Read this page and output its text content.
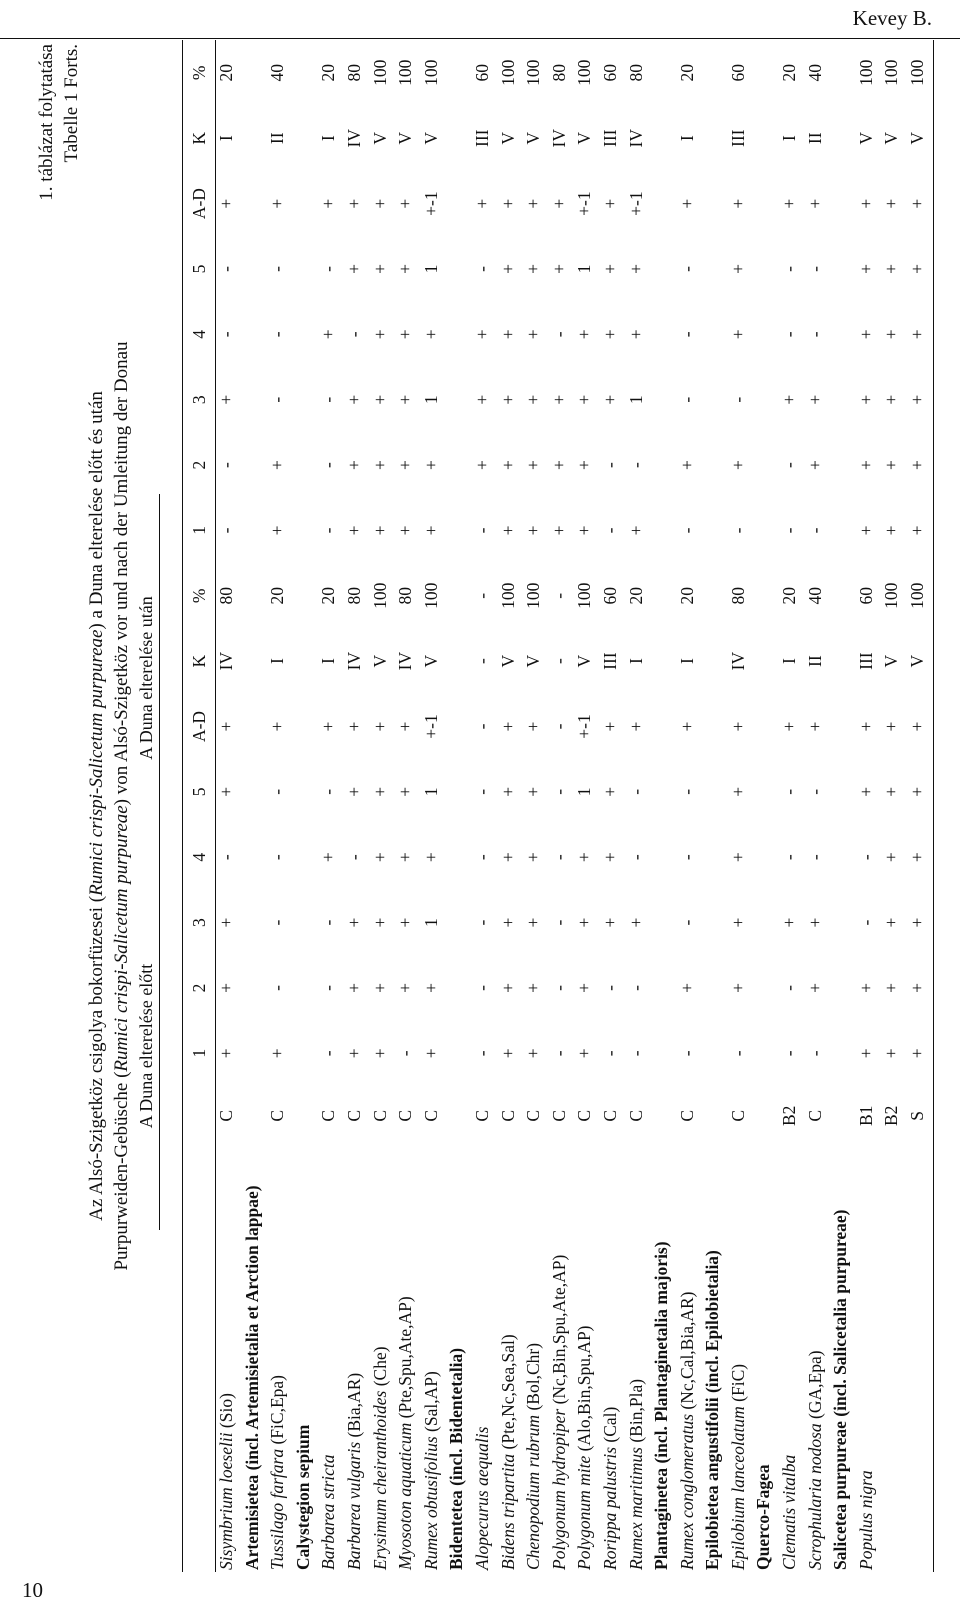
Kevey B.
10
1. táblázat folytatása Tabelle 1 Forts.
Az Alsó-Szigetköz csigolya bokorfüzesei (Rumici crispi-Salicetum purpureae) a Duna elterelése előtt és után
Purpurweiden-Gebüsche (Rumici crispi-Salicetum purpureae) von Alsó-Szigetköz vor und nach der Umleitung der Donau
A Duna elterelése előtt
A Duna elterelése után
		1	2	3	4	5	A-D	K	%	1	2	3	4	5	A-D	K	%
Sisymbrium loeselii (Sio)	C	+	+	+	-	+	+	IV	80	-	-	+	-	-	+	I	20
Artemisietea (incl. Artemisietalia et Arction lappae)																	
Tussilago farfara (FiC,Epa)	C	+	-	-	-	-	+	I	20	+	+	-	-	-	+	II	40
Calystegion sepium																	
Barbarea stricta	C	-	-	-	+	-	+	I	20	-	-	-	+	-	+	I	20
Barbarea vulgaris (Bia,AR)	C	+	+	+	-	+	+	IV	80	+	+	+	-	+	+	IV	80
Erysimum cheiranthoides (Che)	C	+	+	+	+	+	+	V	100	+	+	+	+	+	+	V	100
Myosoton aquaticum (Pte,Spu,Ate,AP)	C	-	+	+	+	+	+	IV	80	+	+	+	+	+	+	V	100
Rumex obtusifolius (Sal,AP)	C	+	+	1	+	1	+-1	V	100	+	+	1	+	1	+-1	V	100
Bidentetea (incl. Bidentetalia)																	
Alopecurus aequalis	C	-	-	-	-	-	-	-	-	-	+	+	+	-	+	III	60
Bidens tripartita (Pte,Nc,Sea,Sal)	C	+	+	+	+	+	+	V	100	+	+	+	+	+	+	V	100
Chenopodium rubrum (Bol,Chr)	C	+	+	+	+	+	+	V	100	+	+	+	+	+	+	V	100
Polygonum hydropiper (Nc,Bin,Spu,Ate,AP)	C	-	-	-	-	-	-	-	-	+	+	+	-	+	+	IV	80
Polygonum mite (Alo,Bin,Spu,AP)	C	+	+	+	+	1	+-1	V	100	+	+	+	+	1	+-1	V	100
Rorippa palustris (Cal)	C	-	-	+	+	+	+	III	60	-	-	+	+	+	+	III	60
Rumex maritimus (Bin,Pla)	C	-	-	+	-	-	+	I	20	+	-	1	+	+	+-1	IV	80
Plantaginetea (incl. Plantaginetalia majoris)																	
Rumex conglomeratus (Nc,Cal,Bia,AR)	C	-	+	-	-	-	+	I	20	-	+	-	-	-	+	I	20
Epilobietea angustifolii (incl. Epilobietalia)																	
Epilobium lanceolatum (FiC)	C	-	+	+	+	+	+	IV	80	-	+	-	+	+	+	III	60
Querco-Fagea																	
Clematis vitalba	B2	-	-	+	-	-	+	I	20	-	-	+	-	-	+	I	20
Scrophularia nodosa (GA,Epa)	C	-	+	+	-	-	+	II	40	-	+	+	-	-	+	II	40
Salicetea purpureae (incl. Salicetalia purpureae)																	
Populus nigra	B1	+	+	-	-	+	+	III	60	+	+	+	+	+	+	V	100
	B2	+	+	+	+	+	+	V	100	+	+	+	+	+	+	V	100
	S	+	+	+	+	+	+	V	100	+	+	+	+	+	+	V	100
